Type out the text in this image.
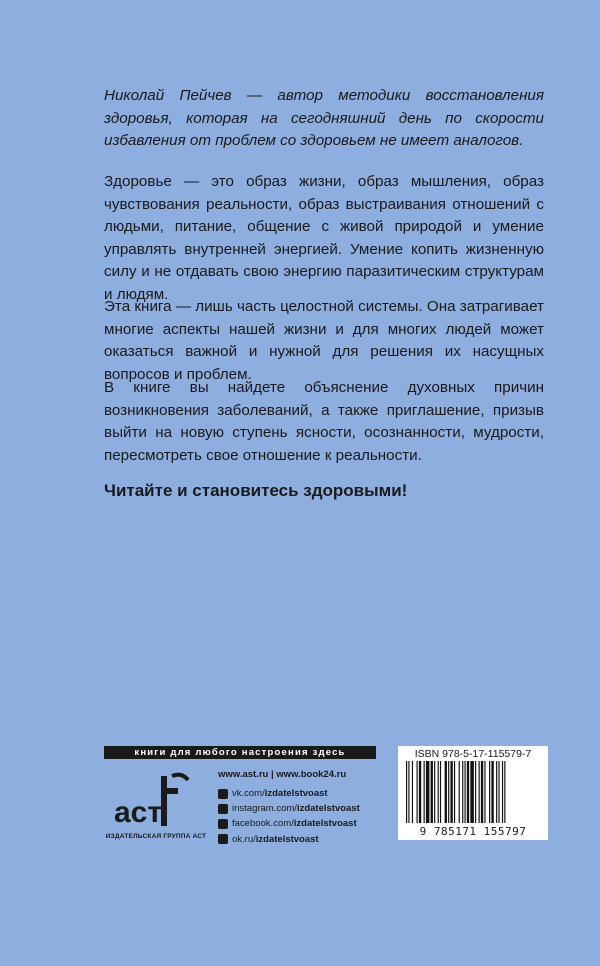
Николай Пейчев — автор методики восстановления здоровья, которая на сегодняшний день по скорости избавления от проблем со здоровьем не имеет аналогов.
Здоровье — это образ жизни, образ мышления, образ чувствования реальности, образ выстраивания отношений с людьми, питание, общение с живой природой и умение управлять внутренней энергией. Умение копить жизненную силу и не отдавать свою энергию паразитическим структурам и людям.
Эта книга — лишь часть целостной системы. Она затрагивает многие аспекты нашей жизни и для многих людей может оказаться важной и нужной для решения их насущных вопросов и проблем.
В книге вы найдете объяснение духовных причин возникновения заболеваний, а также приглашение, призыв выйти на новую ступень ясности, осознанности, мудрости, пересмотреть свое отношение к реальности.
Читайте и становитесь здоровыми!
книги для любого настроения здесь
аст
ИЗДАТЕЛЬСКАЯ ГРУППА АСТ
www.ast.ru | www.book24.ru
vk.com/ izdatelstvoast
instagram.com/ izdatelstvoast
facebook.com/ izdatelstvoast
ok.ru/ izdatelstvoast
ISBN 978-5-17-115579-7
9 785171 155797
